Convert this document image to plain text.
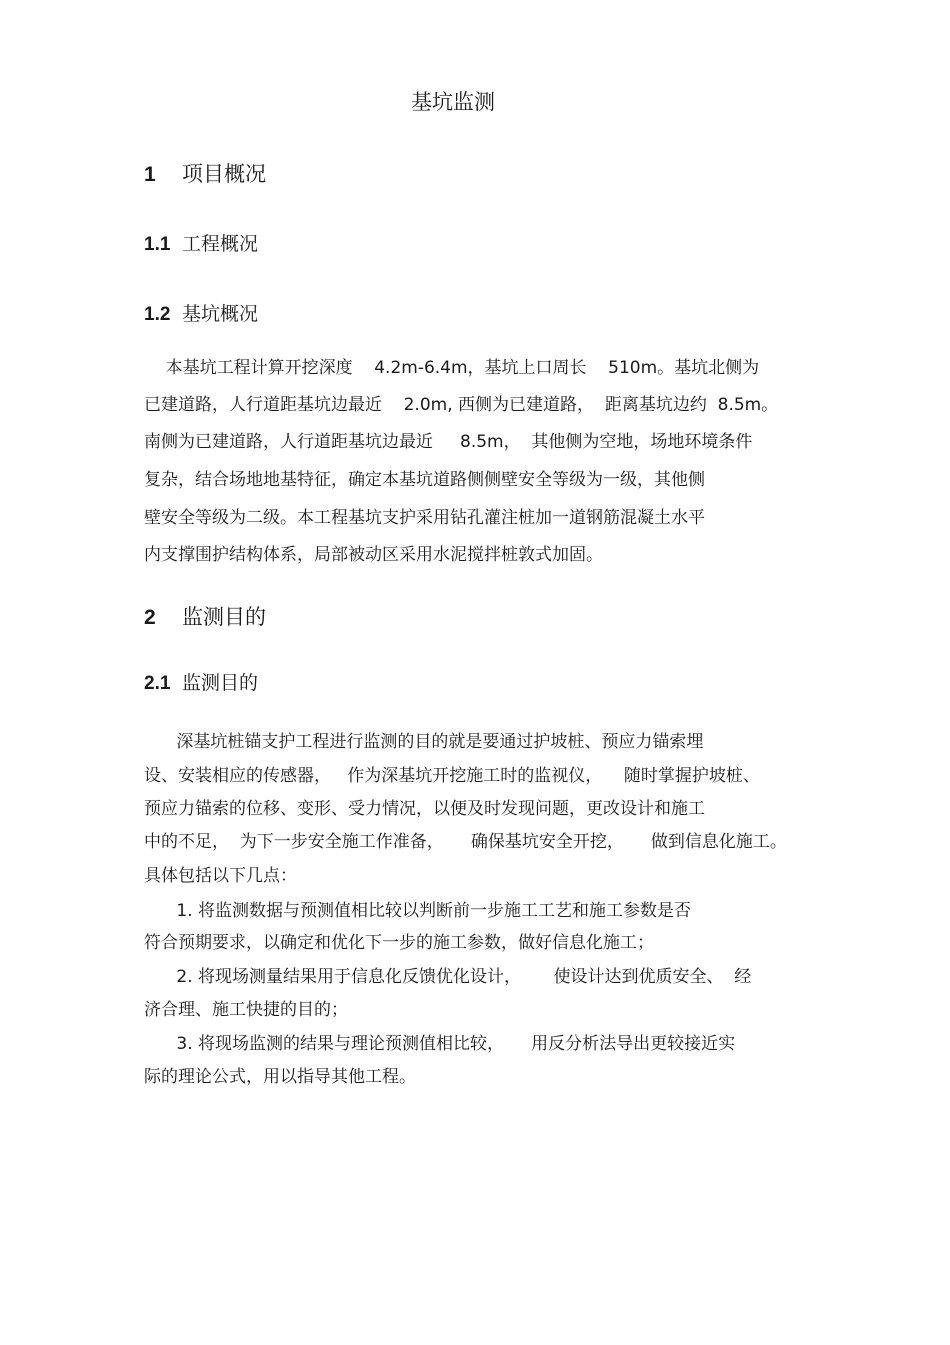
基坑监测
1 项目概况
1.1 工程概况
1.2 基坑概况
本基坑工程计算开挖深度    4.2m-6.4m，基坑上口周长    510m。基坑北侧为
已建道路，人行道距基坑边最近    2.0m, 西侧为已建道路，  距离基坑边约  8.5m。
南侧为已建道路，人行道距基坑边最近     8.5m，  其他侧为空地，场地环境条件
复杂，结合场地地基特征，确定本基坑道路侧侧壁安全等级为一级，其他侧
壁安全等级为二级。本工程基坑支护采用钻孔灌注桩加一道钢筋混凝土水平
内支撑围护结构体系，局部被动区采用水泥搅拌桩敦式加固。
2 监测目的
2.1 监测目的
深基坑桩锚支护工程进行监测的目的就是要通过护坡桩、预应力锚索埋
设、安装相应的传感器，   作为深基坑开挖施工时的监视仪，    随时掌握护坡桩、
预应力锚索的位移、变形、受力情况，以便及时发现问题，更改设计和施工
中的不足，  为下一步安全施工作准备，     确保基坑安全开挖，     做到信息化施工。
具体包括以下几点：
1. 将监测数据与预测值相比较以判断前一步施工工艺和施工参数是否
符合预期要求，以确定和优化下一步的施工参数，做好信息化施工；
2. 将现场测量结果用于信息化反馈优化设计，      使设计达到优质安全、  经
济合理、施工快捷的目的；
3. 将现场监测的结果与理论预测值相比较，     用反分析法导出更较接近实
际的理论公式，用以指导其他工程。
